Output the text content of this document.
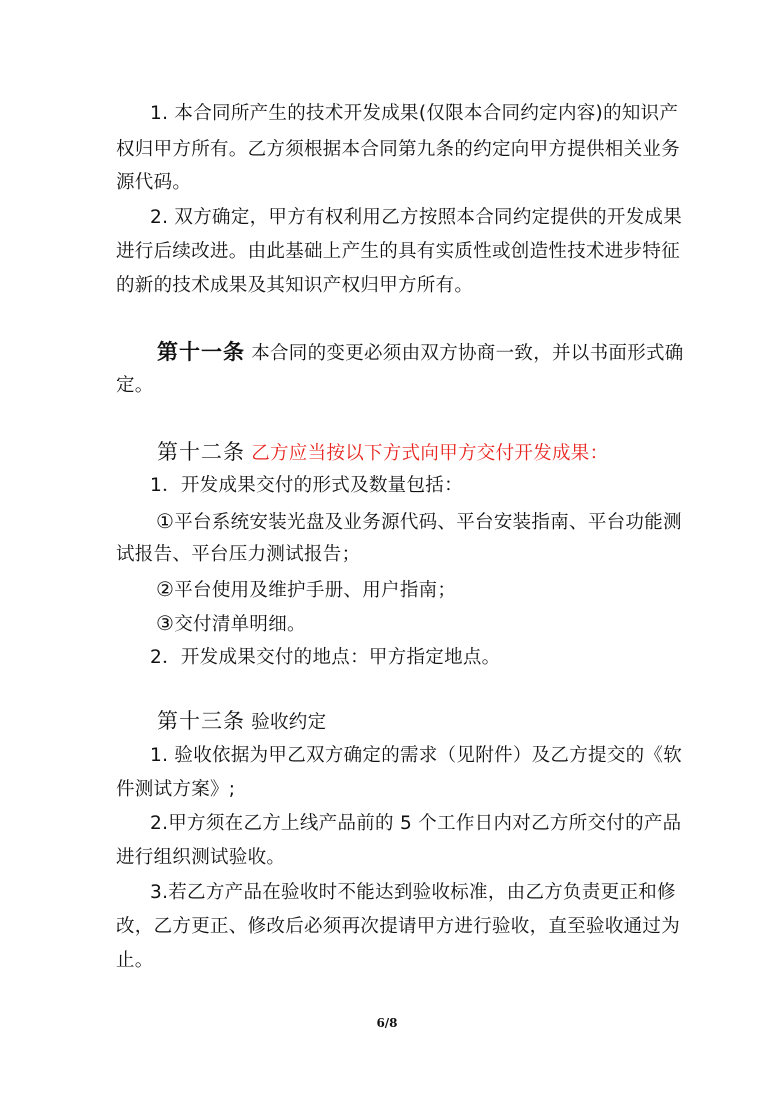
1. 本合同所产生的技术开发成果(仅限本合同约定内容)的知识产
权归甲方所有。乙方须根据本合同第九条的约定向甲方提供相关业务
源代码。
2. 双方确定，甲方有权利用乙方按照本合同约定提供的开发成果
进行后续改进。由此基础上产生的具有实质性或创造性技术进步特征
的新的技术成果及其知识产权归甲方所有。
第十一条 本合同的变更必须由双方协商一致，并以书面形式确
定。
第十二条 乙方应当按以下方式向甲方交付开发成果：
1．开发成果交付的形式及数量包括：
①平台系统安装光盘及业务源代码、平台安装指南、平台功能测
试报告、平台压力测试报告；
②平台使用及维护手册、用户指南；
③交付清单明细。
2．开发成果交付的地点：甲方指定地点。
第十三条 验收约定
1. 验收依据为甲乙双方确定的需求（见附件）及乙方提交的《软
件测试方案》;
2.甲方须在乙方上线产品前的 5 个工作日内对乙方所交付的产品
进行组织测试验收。
3.若乙方产品在验收时不能达到验收标准，由乙方负责更正和修
改，乙方更正、修改后必须再次提请甲方进行验收，直至验收通过为
止。
6/8
